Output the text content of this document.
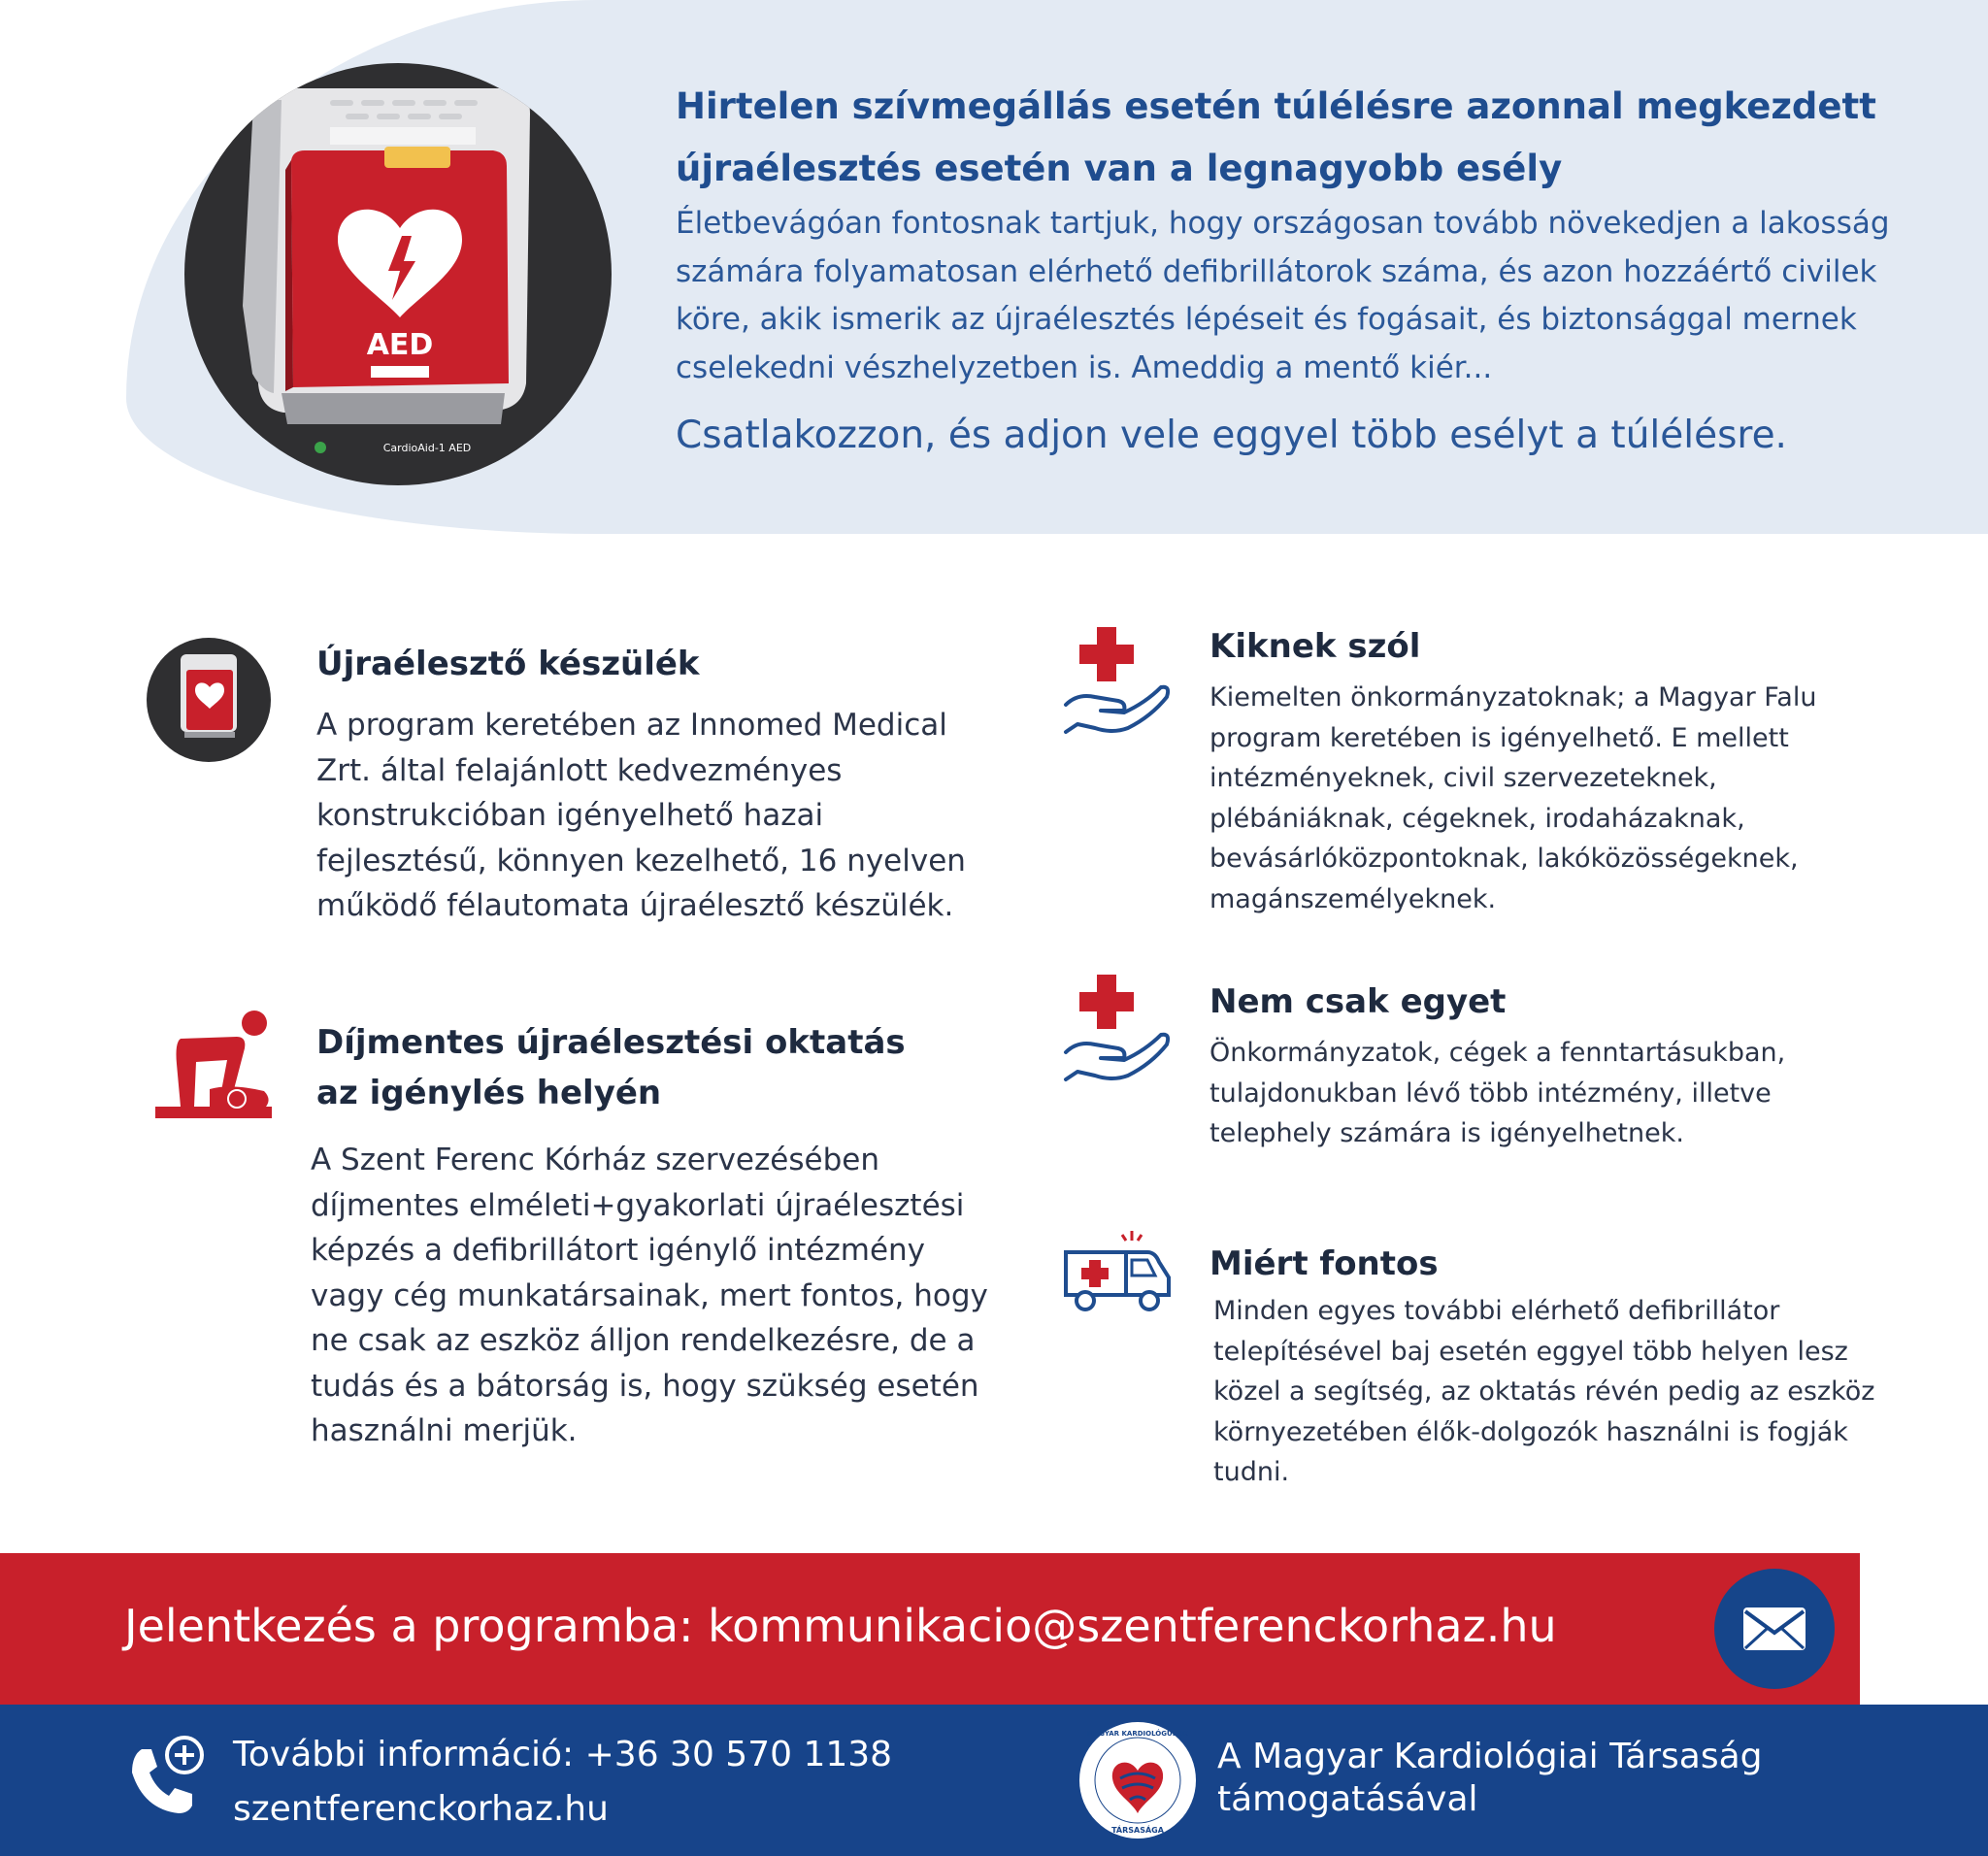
AED
CardioAid-1 AED
Hirtelen szívmegállás esetén túlélésre azonnal megkezdett újraélesztés esetén van a legnagyobb esély
Életbevágóan fontosnak tartjuk, hogy országosan tovább növekedjen a lakosság számára folyamatosan elérhető defibrillátorok száma, és azon hozzáértő civilek köre, akik ismerik az újraélesztés lépéseit és fogásait, és biztonsággal mernek cselekedni vészhelyzetben is. Ameddig a mentő kiér...
Csatlakozzon, és adjon vele eggyel több esélyt a túlélésre.
Újraélesztő készülék
A program keretében az Innomed Medical Zrt. által felajánlott kedvezményes konstrukcióban igényelhető hazai fejlesztésű, könnyen kezelhető, 16 nyelven működő félautomata újraélesztő készülék.
Díjmentes újraélesztési oktatás az igénylés helyén
A Szent Ferenc Kórház szervezésében díjmentes elméleti+gyakorlati újraélesztési képzés a defibrillátort igénylő intézmény vagy cég munkatársainak, mert fontos, hogy ne csak az eszköz álljon rendelkezésre, de a tudás és a bátorság is, hogy szükség esetén használni merjük.
Kiknek szól
Kiemelten önkormányzatoknak; a Magyar Falu program keretében is igényelhető. E mellett intézményeknek, civil szervezeteknek, plébániáknak, cégeknek, irodaházaknak, bevásárlóközpontoknak, lakóközösségeknek, magánszemélyeknek.
Nem csak egyet
Önkormányzatok, cégek a fenntartásukban, tulajdonukban lévő több intézmény, illetve telephely számára is igényelhetnek.
Miért fontos
Minden egyes további elérhető defibrillátor telepítésével baj esetén eggyel több helyen lesz közel a segítség, az oktatás révén pedig az eszköz környezetében élők-dolgozók használni is fogják tudni.
Jelentkezés a programba: kommunikacio@szentferenckorhaz.hu
További információ: +36 30 570 1138
szentferenckorhaz.hu
MAGYAR KARDIOLÓGUSOK
TÁRSASÁGA
A Magyar Kardiológiai Társaság
támogatásával
